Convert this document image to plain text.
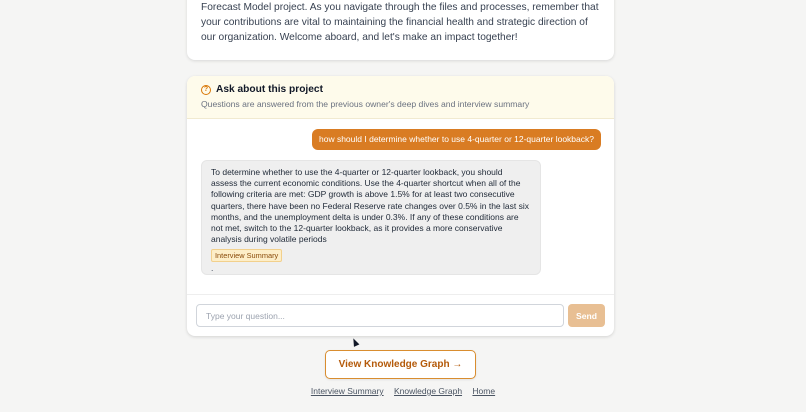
Forecast Model project. As you navigate through the files and processes, remember that your contributions are vital to maintaining the financial health and strategic direction of our organization. Welcome aboard, and let's make an impact together!

? Ask about this project
Questions are answered from the previous owner's deep dives and interview summary
how should I determine whether to use 4-quarter or 12-quarter lookback?
To determine whether to use the 4-quarter or 12-quarter lookback, you should assess the current economic conditions. Use the 4-quarter shortcut when all of the following criteria are met: GDP growth is above 1.5% for at least two consecutive quarters, there have been no Federal Reserve rate changes over 0.5% in the last six months, and the unemployment delta is under 0.3%. If any of these conditions are not met, switch to the 12-quarter lookback, as it provides a more conservative analysis during volatile periods
Interview Summary
.
Type your question...
Send
View Knowledge Graph →
Interview Summary Knowledge Graph Home
